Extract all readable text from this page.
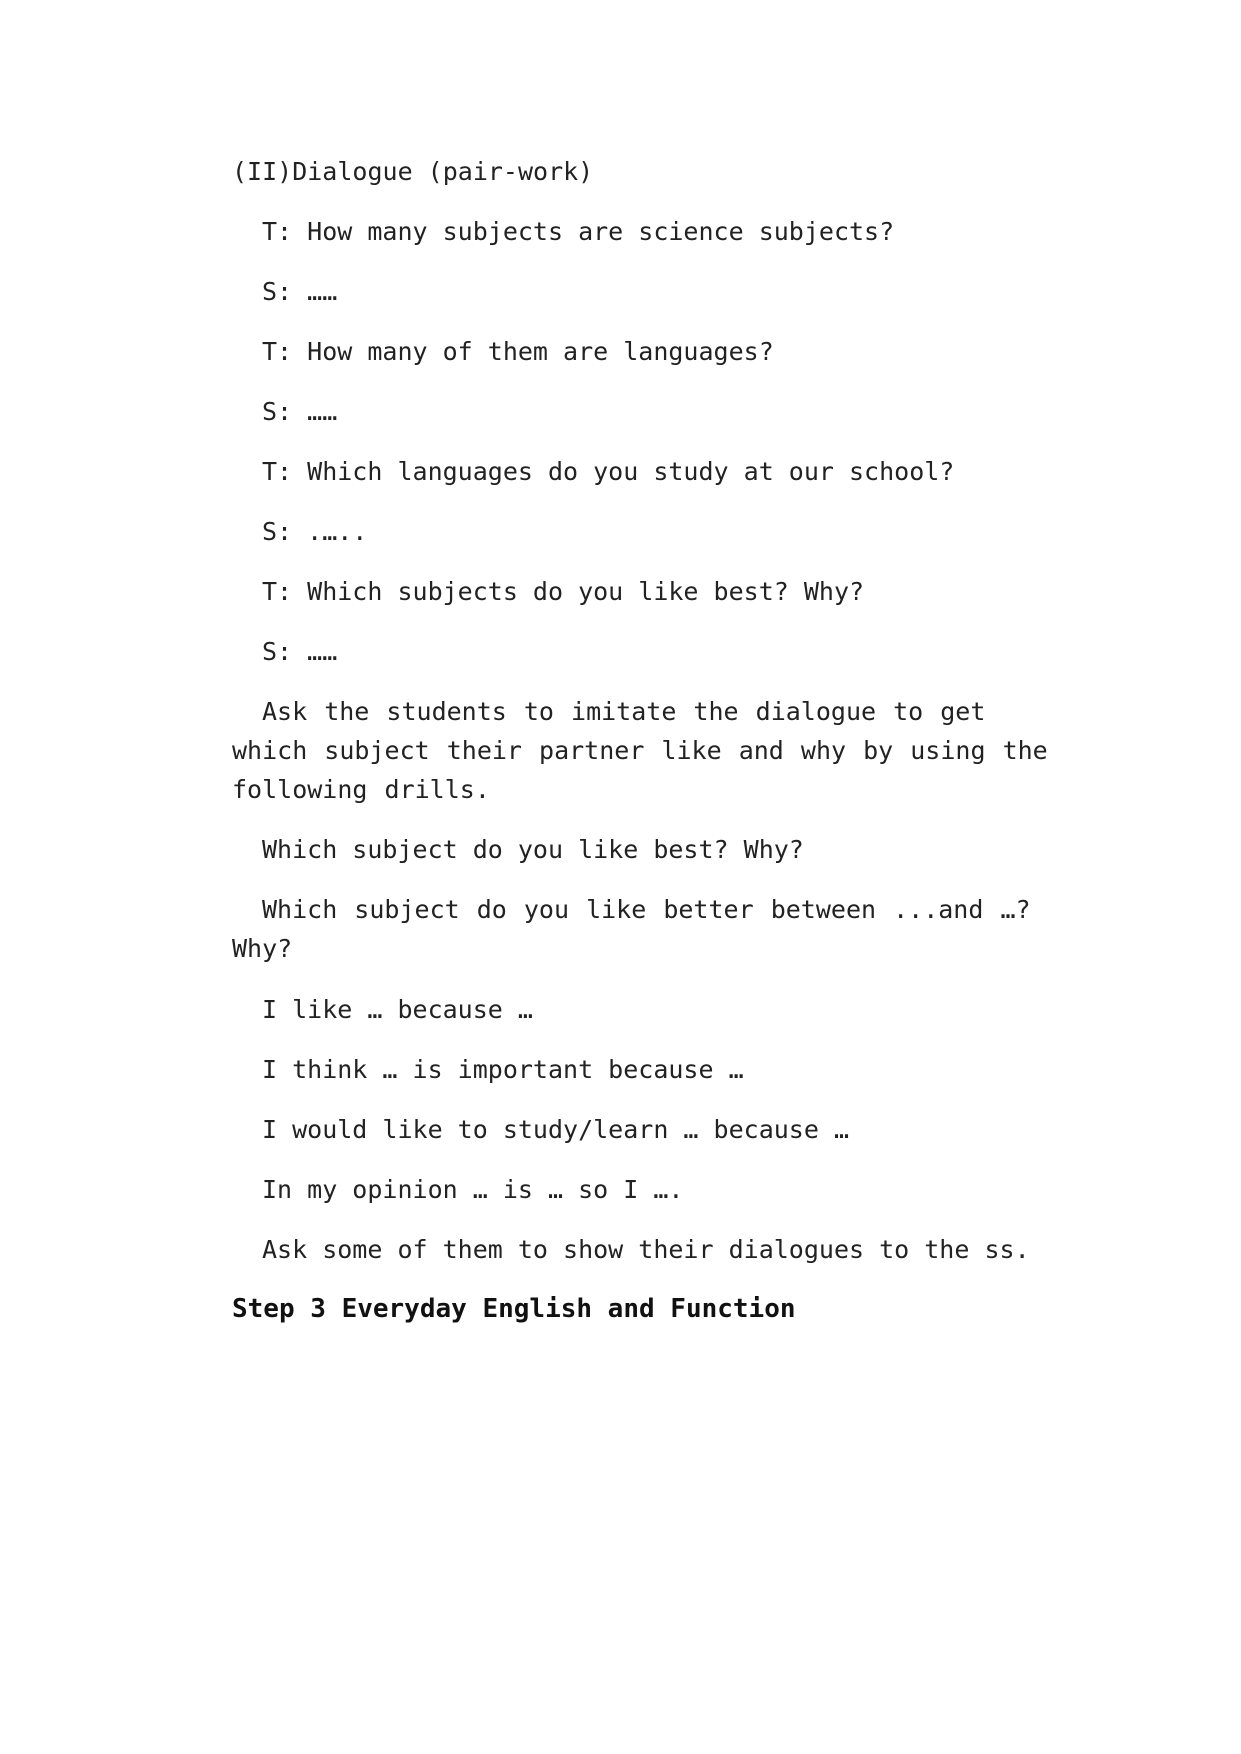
(II)Dialogue (pair-work)
T: How many subjects are science subjects?
S: ……
T: How many of them are languages?
S: ……
T: Which languages do you study at our school?
S: .…..
T: Which subjects do you like best? Why?
S: ……
Ask the students to imitate the dialogue to get which subject their partner like and why by using the following drills.
Which subject do you like best? Why?
Which subject do you like better between ...and …? Why?
I like … because …
I think … is important because …
I would like to study/learn … because …
In my opinion … is … so I ….
Ask some of them to show their dialogues to the ss.
Step 3 Everyday English and Function
